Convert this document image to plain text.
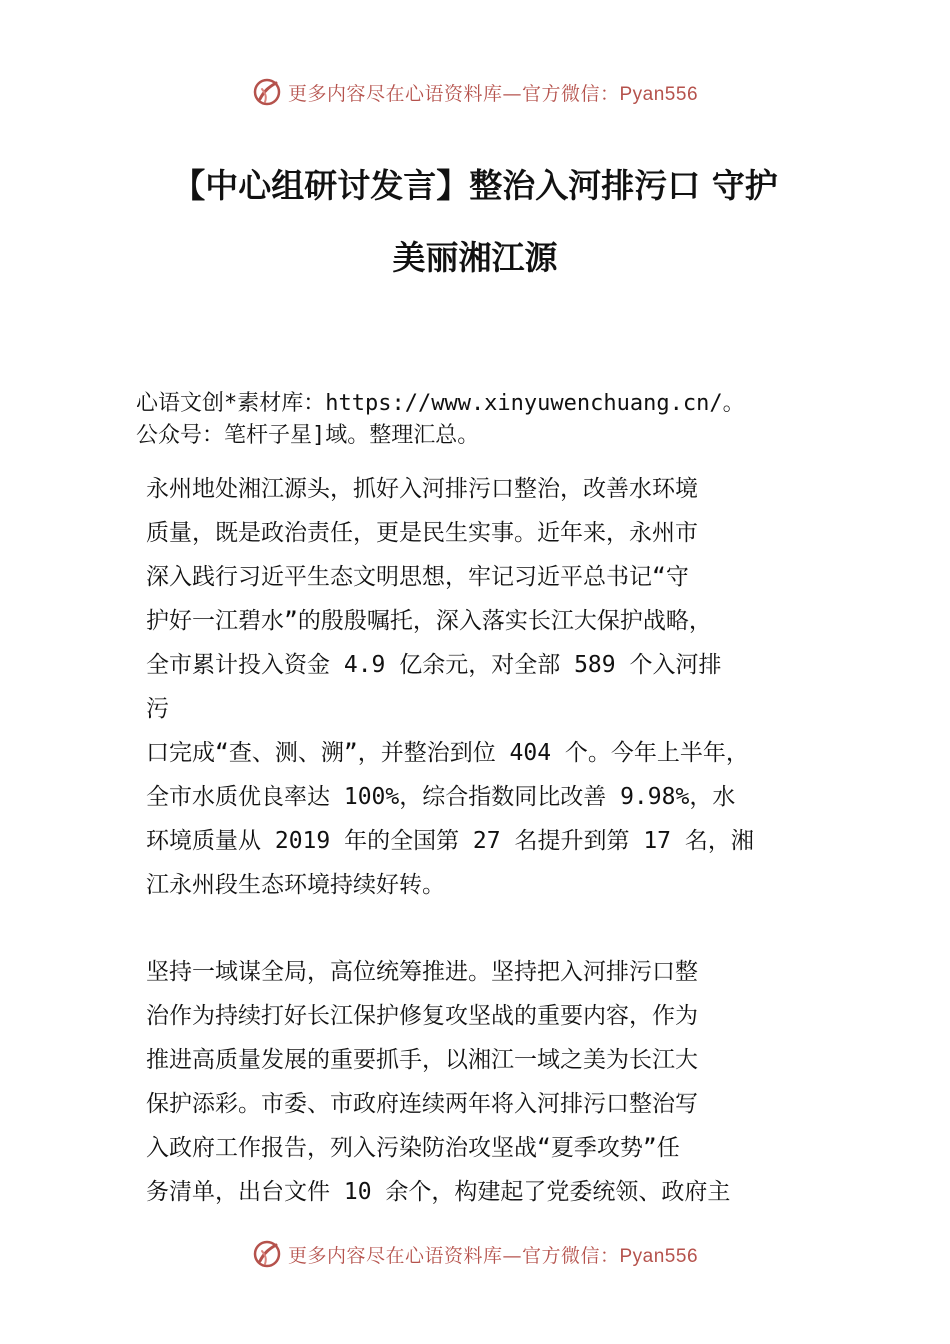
更多内容尽在心语资料库—官方微信：Pyan556
【中心组研讨发言】整治入河排污口 守护
美丽湘江源
心语文创*素材库：https://www.xinyuwenchuang.cn/。
公众号：笔杆子星]域。整理汇总。
永州地处湘江源头，抓好入河排污口整治，改善水环境
质量，既是政治责任，更是民生实事。近年来，永州市
深入践行习近平生态文明思想，牢记习近平总书记“守
护好一江碧水”的殷殷嘱托，深入落实长江大保护战略，
全市累计投入资金 4.9 亿余元，对全部 589 个入河排
污
口完成“查、测、溯”，并整治到位 404 个。今年上半年，
全市水质优良率达 100%，综合指数同比改善 9.98%，水
环境质量从 2019 年的全国第 27 名提升到第 17 名，湘
江永州段生态环境持续好转。
坚持一域谋全局，高位统筹推进。坚持把入河排污口整
治作为持续打好长江保护修复攻坚战的重要内容，作为
推进高质量发展的重要抓手，以湘江一域之美为长江大
保护添彩。市委、市政府连续两年将入河排污口整治写
入政府工作报告，列入污染防治攻坚战“夏季攻势”任
务清单，出台文件 10 余个，构建起了党委统领、政府主
更多内容尽在心语资料库—官方微信：Pyan556
